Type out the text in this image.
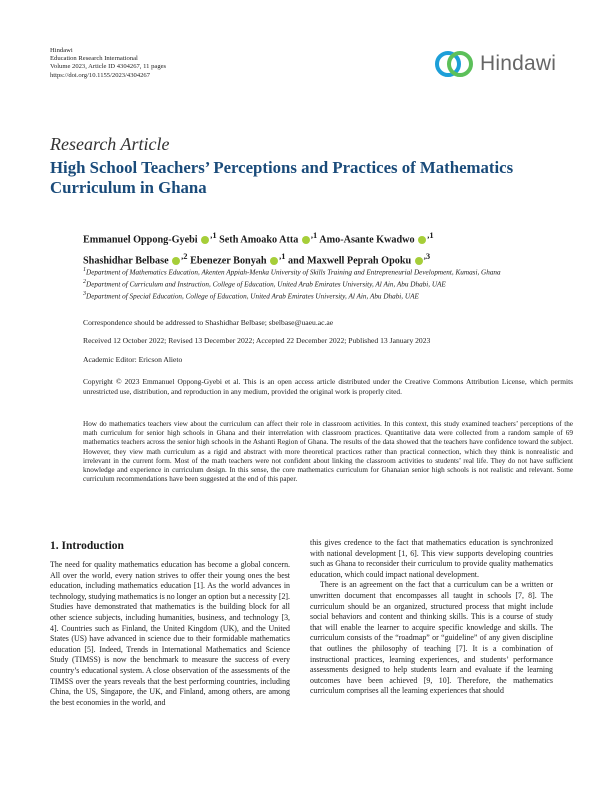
Hindawi
Education Research International
Volume 2023, Article ID 4304267, 11 pages
https://doi.org/10.1155/2023/4304267
Hindawi
Research Article
High School Teachers’ Perceptions and Practices of Mathematics Curriculum in Ghana
Emmanuel Oppong-Gyebi $^{,1}$ Seth Amoako Atta $^{,1}$ Amo-Asante Kwadwo $^{,1}$
Shashidhar Belbase $^{,2}$ Ebenezer Bonyah $^{,1}$ and Maxwell Peprah Opoku $^{,3}$
$^1$Department of Mathematics Education, Akenten Appiah-Menka University of Skills Training and Entrepreneurial Development, Kumasi, Ghana
$^2$Department of Curriculum and Instruction, College of Education, United Arab Emirates University, Al Ain, Abu Dhabi, UAE
$^3$Department of Special Education, College of Education, United Arab Emirates University, Al Ain, Abu Dhabi, UAE
Correspondence should be addressed to Shashidhar Belbase; sbelbase@uaeu.ac.ae
Received 12 October 2022; Revised 13 December 2022; Accepted 22 December 2022; Published 13 January 2023
Academic Editor: Ericson Alieto
Copyright © 2023 Emmanuel Oppong-Gyebi et al. This is an open access article distributed under the Creative Commons Attribution License, which permits unrestricted use, distribution, and reproduction in any medium, provided the original work is properly cited.
How do mathematics teachers view about the curriculum can affect their role in classroom activities. In this context, this study examined teachers’ perceptions of the math curriculum for senior high schools in Ghana and their interrelation with classroom practices. Quantitative data were collected from a random sample of 69 mathematics teachers across the senior high schools in the Ashanti Region of Ghana. The results of the data showed that the teachers have confidence toward the subject. However, they view math curriculum as a rigid and abstract with more theoretical practices rather than practical connection, which they think is nonrealistic and irrelevant in the current form. Most of the math teachers were not confident about linking the classroom activities to students’ real life. They do not have sufficient knowledge and experience in curriculum design. In this sense, the core mathematics curriculum for Ghanaian senior high schools is not realistic and relevant. Some curriculum recommendations have been suggested at the end of this paper.
1. Introduction

The need for quality mathematics education has become a global concern. All over the world, every nation strives to offer their young ones the best education, including mathematics education [1]. As the world advances in technology, studying mathematics is no longer an option but a necessity [2]. Studies have demonstrated that mathematics is the building block for all other science subjects, including humanities, business, and technology [3, 4]. Countries such as Finland, the United Kingdom (UK), and the United States (US) have advanced in science due to their formidable mathematics education [5]. Indeed, Trends in International Mathematics and Science Study (TIMSS) is now the benchmark to measure the success of every country’s educational system. A close observation of the assessments of the TIMSS over the years reveals that the best performing countries, including China, the US, Singapore, the UK, and Finland, among others, are among the best economies in the world, and

this gives credence to the fact that mathematics education is synchronized with national development [1, 6]. This view supports developing countries such as Ghana to reconsider their curriculum to provide quality mathematics education, which could impact national development.

There is an agreement on the fact that a curriculum can be a written or unwritten document that encompasses all taught in schools [7, 8]. The curriculum should be an organized, structured process that might include social behaviors and content and thinking skills. This is a course of study that will enable the learner to acquire specific knowledge and skills. The curriculum consists of the “roadmap” or “guideline” of any given discipline that outlines the philosophy of teaching [7]. It is a combination of instructional practices, learning experiences, and students’ performance assessments designed to help students learn and evaluate if the learning outcomes have been achieved [9, 10]. Therefore, the mathematics curriculum comprises all the learning experiences that should
